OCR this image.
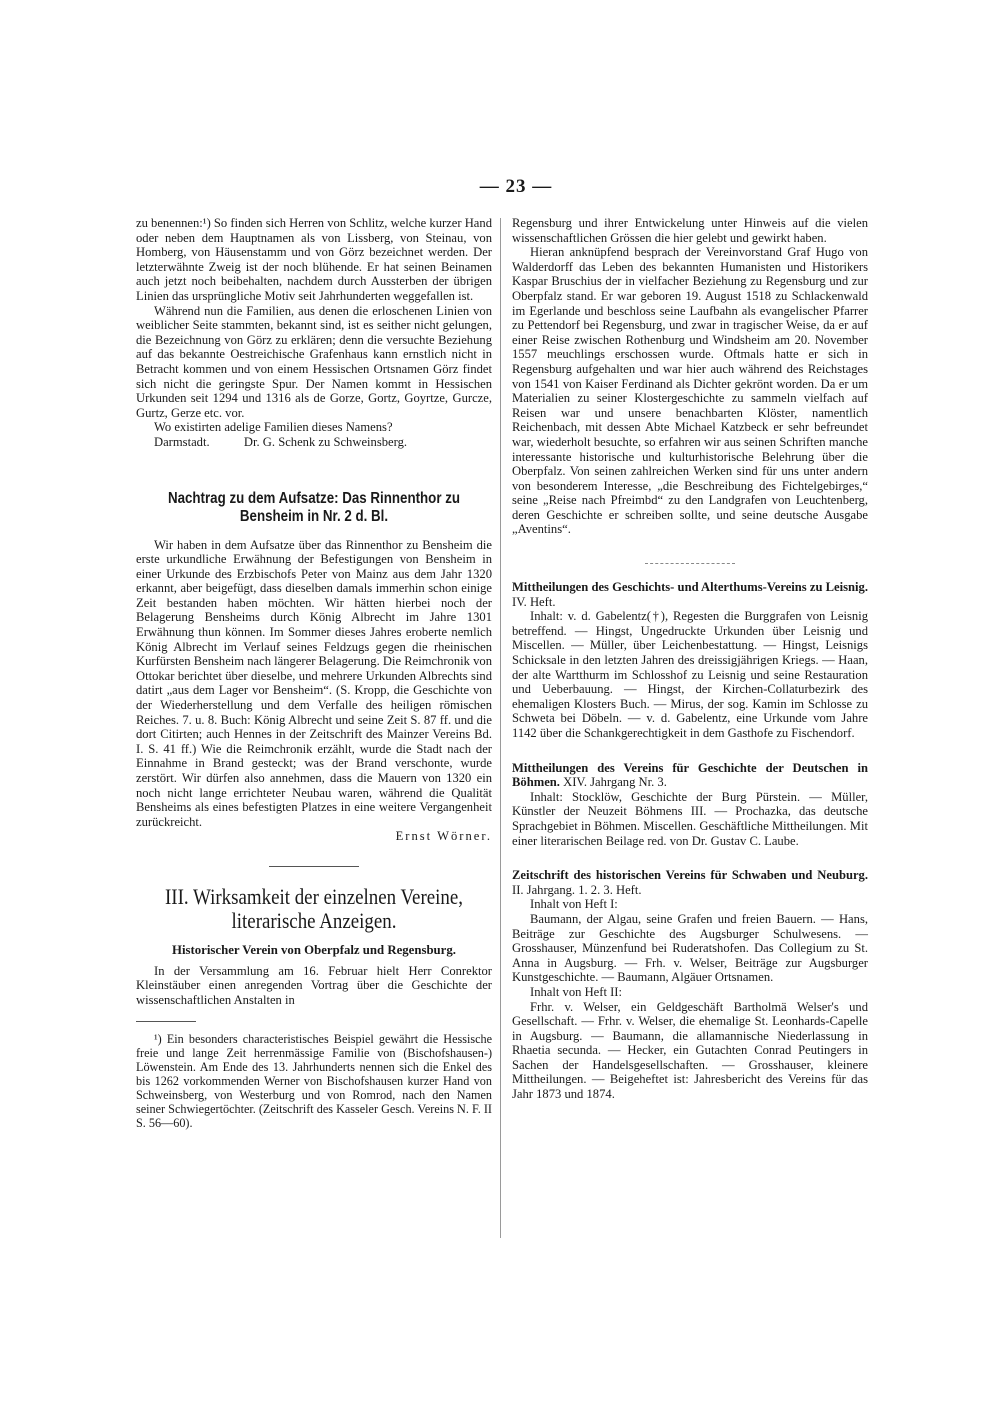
— 23 —

zu benennen:¹) So finden sich Herren von Schlitz, welche kurzer Hand oder neben dem Hauptnamen als von Lissberg, von Steinau, von Homberg, von Häusenstamm und von Görz bezeichnet werden. Der letzterwähnte Zweig ist der noch blühende. Er hat seinen Beinamen auch jetzt noch beibehalten, nachdem durch Aussterben der übrigen Linien das ursprüngliche Motiv seit Jahrhunderten weggefallen ist.

Während nun die Familien, aus denen die erloschenen Linien von weiblicher Seite stammten, bekannt sind, ist es seither nicht gelungen, die Bezeichnung von Görz zu erklären; denn die versuchte Beziehung auf das bekannte Oestreichische Grafenhaus kann ernstlich nicht in Betracht kommen und von einem Hessischen Ortsnamen Görz findet sich nicht die geringste Spur. Der Namen kommt in Hessischen Urkunden seit 1294 und 1316 als de Gorze, Gortz, Goyrtze, Gurcze, Gurtz, Gerze etc. vor.

Wo existirten adelige Familien dieses Namens?

Darmstadt.	Dr. G. Schenk zu Schweinsberg.

Nachtrag zu dem Aufsatze: Das Rinnenthor zu Bensheim in Nr. 2 d. Bl.

Wir haben in dem Aufsatze über das Rinnenthor zu Bensheim die erste urkundliche Erwähnung der Befestigungen von Bensheim in einer Urkunde des Erzbischofs Peter von Mainz aus dem Jahr 1320 erkannt, aber beigefügt, dass dieselben damals immerhin schon einige Zeit bestanden haben möchten. Wir hätten hierbei noch der Belagerung Bensheims durch König Albrecht im Jahre 1301 Erwähnung thun können. Im Sommer dieses Jahres eroberte nemlich König Albrecht im Verlauf seines Feldzugs gegen die rheinischen Kurfürsten Bensheim nach längerer Belagerung. Die Reimchronik von Ottokar berichtet über dieselbe, und mehrere Urkunden Albrechts sind datirt „aus dem Lager vor Bensheim“. (S. Kropp, die Geschichte von der Wiederherstellung und dem Verfalle des heiligen römischen Reiches. 7. u. 8. Buch: König Albrecht und seine Zeit S. 87 ff. und die dort Citirten; auch Hennes in der Zeitschrift des Mainzer Vereins Bd. I. S. 41 ff.) Wie die Reimchronik erzählt, wurde die Stadt nach der Einnahme in Brand gesteckt; was der Brand verschonte, wurde zerstört. Wir dürfen also annehmen, dass die Mauern von 1320 ein noch nicht lange errichteter Neubau waren, während die Qualität Bensheims als eines befestigten Platzes in eine weitere Vergangenheit zurückreicht.

Ernst Wörner.

III. Wirksamkeit der einzelnen Vereine,
literarische Anzeigen.
Historischer Verein von Oberpfalz und Regensburg.

In der Versammlung am 16. Februar hielt Herr Conrektor Kleinstäuber einen anregenden Vortrag über die Geschichte der wissenschaftlichen Anstalten in

¹) Ein besonders characteristisches Beispiel gewährt die Hessische freie und lange Zeit herrenmässige Familie von (Bischofshausen-) Löwenstein. Am Ende des 13. Jahrhunderts nennen sich die Enkel des bis 1262 vorkommenden Werner von Bischofshausen kurzer Hand von Schweinsberg, von Westerburg und von Romrod, nach den Namen seiner Schwiegertöchter. (Zeitschrift des Kasseler Gesch. Vereins N. F. II S. 56—60).

Regensburg und ihrer Entwickelung unter Hinweis auf die vielen wissenschaftlichen Grössen die hier gelebt und gewirkt haben.

Hieran anknüpfend besprach der Vereinvorstand Graf Hugo von Walderdorff das Leben des bekannten Humanisten und Historikers Kaspar Bruschius der in vielfacher Beziehung zu Regensburg und zur Oberpfalz stand. Er war geboren 19. August 1518 zu Schlackenwald im Egerlande und beschloss seine Laufbahn als evangelischer Pfarrer zu Pettendorf bei Regensburg, und zwar in tragischer Weise, da er auf einer Reise zwischen Rothenburg und Windsheim am 20. November 1557 meuchlings erschossen wurde. Oftmals hatte er sich in Regensburg aufgehalten und war hier auch während des Reichstages von 1541 von Kaiser Ferdinand als Dichter gekrönt worden. Da er um Materialien zu seiner Klostergeschichte zu sammeln vielfach auf Reisen war und unsere benachbarten Klöster, namentlich Reichenbach, mit dessen Abte Michael Katzbeck er sehr befreundet war, wiederholt besuchte, so erfahren wir aus seinen Schriften manche interessante historische und kulturhistorische Belehrung über die Oberpfalz. Von seinen zahlreichen Werken sind für uns unter andern von besonderem Interesse, „die Beschreibung des Fichtelgebirges,“ seine „Reise nach Pfreimbd“ zu den Landgrafen von Leuchtenberg, deren Geschichte er schreiben sollte, und seine deutsche Ausgabe „Aventins“.

Mittheilungen des Geschichts- und Alterthums-Vereins zu Leisnig. IV. Heft.

Inhalt: v. d. Gabelentz(†), Regesten die Burggrafen von Leisnig betreffend. — Hingst, Ungedruckte Urkunden über Leisnig und Miscellen. — Müller, über Leichenbestattung. — Hingst, Leisnigs Schicksale in den letzten Jahren des dreissigjährigen Kriegs. — Haan, der alte Wartthurm im Schlosshof zu Leisnig und seine Restauration und Ueberbauung. — Hingst, der Kirchen-Collaturbezirk des ehemaligen Klosters Buch. — Mirus, der sog. Kamin im Schlosse zu Schweta bei Döbeln. — v. d. Gabelentz, eine Urkunde vom Jahre 1142 über die Schankgerechtigkeit in dem Gasthofe zu Fischendorf.

Mittheilungen des Vereins für Geschichte der Deutschen in Böhmen. XIV. Jahrgang Nr. 3.

Inhalt: Stocklöw, Geschichte der Burg Pürstein. — Müller, Künstler der Neuzeit Böhmens III. — Prochazka, das deutsche Sprachgebiet in Böhmen. Miscellen. Geschäftliche Mittheilungen. Mit einer literarischen Beilage red. von Dr. Gustav C. Laube.

Zeitschrift des historischen Vereins für Schwaben und Neuburg. II. Jahrgang. 1. 2. 3. Heft.

Inhalt von Heft I:

Baumann, der Algau, seine Grafen und freien Bauern. — Hans, Beiträge zur Geschichte des Augsburger Schulwesens. — Grosshauser, Münzenfund bei Ruderatshofen. Das Collegium zu St. Anna in Augsburg. — Frh. v. Welser, Beiträge zur Augsburger Kunstgeschichte. — Baumann, Algäuer Ortsnamen.

Inhalt von Heft II:

Frhr. v. Welser, ein Geldgeschäft Bartholmä Welser's und Gesellschaft. — Frhr. v. Welser, die ehemalige St. Leonhards-Capelle in Augsburg. — Baumann, die allamannische Niederlassung in Rhaetia secunda. — Hecker, ein Gutachten Conrad Peutingers in Sachen der Handelsgesellschaften. — Grosshauser, kleinere Mittheilungen. — Beigeheftet ist: Jahresbericht des Vereins für das Jahr 1873 und 1874.
